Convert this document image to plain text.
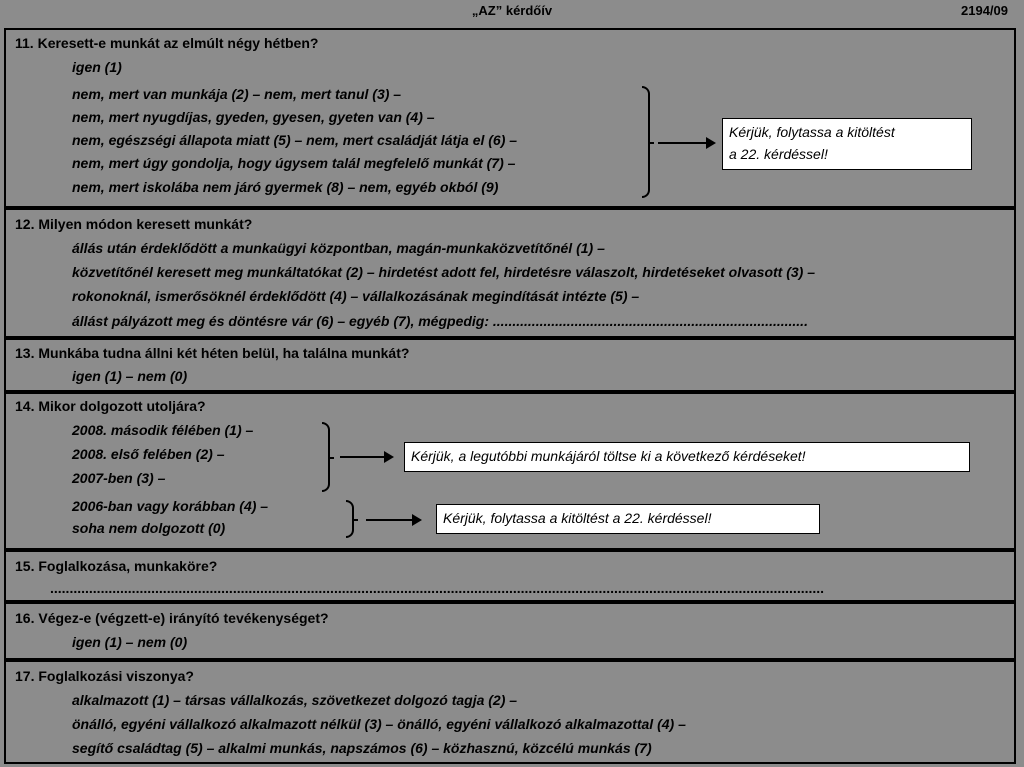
„AZ” kérdőív	2194/09
11. Keresett-e munkát az elmúlt négy hétben?
igen (1)
nem, mert van munkája (2) – nem, mert tanul (3) –
nem, mert nyugdíjas, gyeden, gyesen, gyeten van (4) –
nem, egészségi állapota miatt (5) – nem, mert családját látja el (6) –
nem, mert úgy gondolja, hogy úgysem talál megfelelő munkát (7) –
nem, mert iskolába nem járó gyermek (8) – nem, egyéb okból (9)
Kérjük, folytassa a kitöltést
a 22. kérdéssel!
12. Milyen módon keresett munkát?
állás után érdeklődött a munkaügyi központban, magán-munkaközvetítőnél (1) –
közvetítőnél keresett meg munkáltatókat (2) – hirdetést adott fel, hirdetésre válaszolt, hirdetéseket olvasott (3) –
rokonoknál, ismerősöknél érdeklődött (4) – vállalkozásának megindítását intézte (5) –
állást pályázott meg és döntésre vár (6) – egyéb (7), mégpedig: .................................................................................
13. Munkába tudna állni két héten belül, ha találna munkát?
igen (1) – nem (0)
14. Mikor dolgozott utoljára?
2008. második félében (1) –
2008. első felében (2) –
2007-ben (3) –
Kérjük, a legutóbbi munkájáról töltse ki a következő kérdéseket!
2006-ban vagy korábban (4) –
soha nem dolgozott (0)
Kérjük, folytassa a kitöltést a 22. kérdéssel!
15. Foglalkozása, munkaköre?
.......................................................................................................................................................................................................
16. Végez-e (végzett-e) irányító tevékenységet?
igen (1) – nem (0)
17. Foglalkozási viszonya?
alkalmazott (1) – társas vállalkozás, szövetkezet dolgozó tagja (2) –
önálló, egyéni vállalkozó alkalmazott nélkül (3) – önálló, egyéni vállalkozó alkalmazottal (4) –
segítő családtag (5) – alkalmi munkás, napszámos (6) – közhasznú, közcélú munkás (7)
